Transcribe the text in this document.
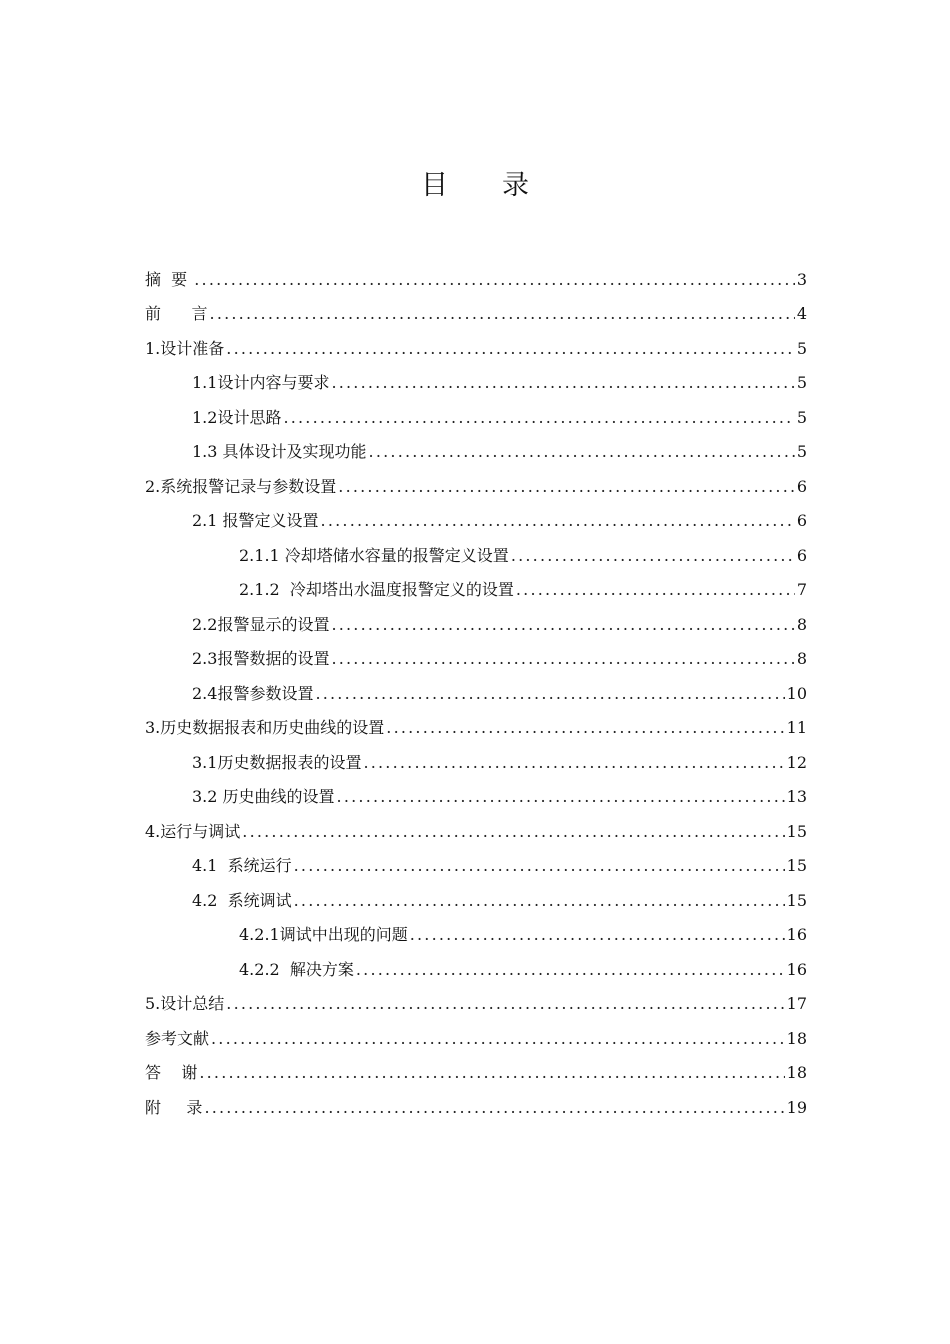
目　　录
摘  要 .....	3
前      言 .....	4
1.设计准备 .....	5
1.1设计内容与要求 .....	5
1.2设计思路 .....	5
1.3 具体设计及实现功能 .....	5
2.系统报警记录与参数设置 .....	6
2.1 报警定义设置 .....	6
2.1.1 冷却塔储水容量的报警定义设置 .....	6
2.1.2  冷却塔出水温度报警定义的设置 .....	7
2.2报警显示的设置 .....	8
2.3报警数据的设置 .....	8
2.4报警参数设置 .....	10
3.历史数据报表和历史曲线的设置 .....	11
3.1历史数据报表的设置 .....	12
3.2 历史曲线的设置 .....	13
4.运行与调试 .....	15
4.1  系统运行 .....	15
4.2  系统调试 .....	15
4.2.1调试中出现的问题 .....	16
4.2.2  解决方案 .....	16
5.设计总结 .....	17
参考文献 .....	18
答    谢 .....	18
附     录 .....	19
